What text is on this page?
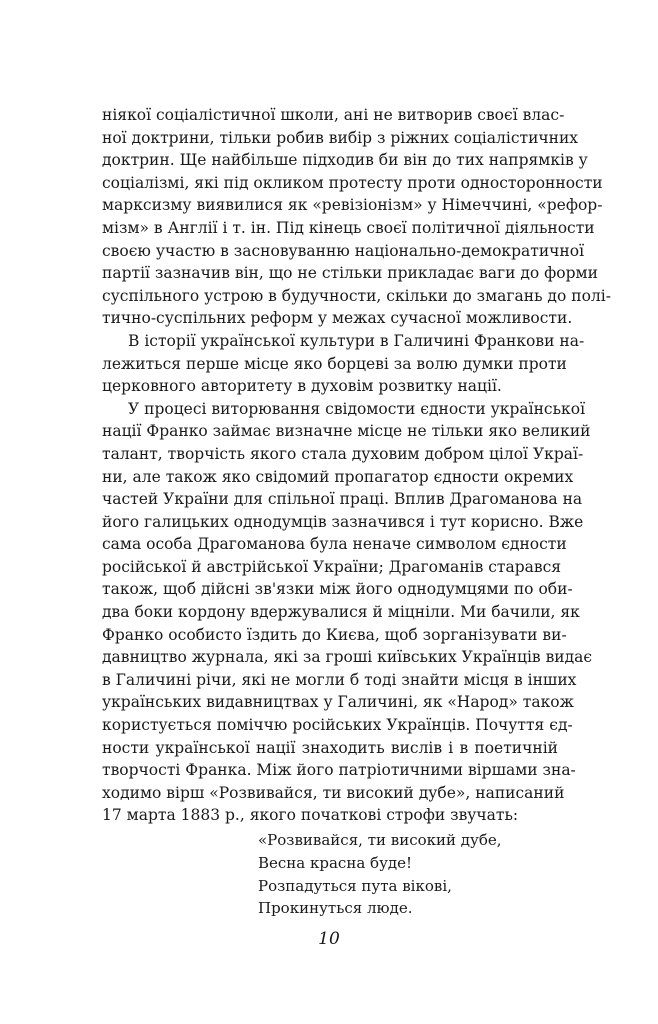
ніякої соціалістичної школи, ані не витворив своєї влас-
ної доктрини, тільки робив вибір з ріжних соціалістичних
доктрин. Ще найбільше підходив би він до тих напрямків у
соціалізмі, які під окликом протесту проти односторонности
марксизму виявилися як «ревізіонізм» у Німеччині, «рефор-
мізм» в Англії і т. ін. Під кінець своєї політичної діяльности
своєю участю в засновуванню національно-демократичної
партії зазначив він, що не стільки прикладає ваги до форми
суспільного устрою в будучности, скільки до змагань до полі-
тично-суспільних реформ у межах сучасної можливости.
В історії української культури в Галичині Франкови на-
лежиться перше місце яко борцеві за волю думки проти
церковного авторитету в духовім розвитку нації.
У процесі виторювання свідомости єдности української
нації Франко займає визначне місце не тільки яко великий
талант, творчість якого стала духовим добром цілої Украї-
ни, але також яко свідомий пропагатор єдности окремих
частей України для спільної праці. Вплив Драгоманова на
його галицьких однодумців зазначився і тут корисно. Вже
сама особа Драгоманова була неначе символом єдности
російської й австрійської України; Драгоманів старався
також, щоб дійсні зв'язки між його однодумцями по оби-
два боки кордону вдержувалися й міцніли. Ми бачили, як
Франко особисто їздить до Києва, щоб зорганізувати ви-
давництво журнала, які за гроші київських Українців видає
в Галичині річи, які не могли б тоді знайти місця в інших
українських видавництвах у Галичині, як «Народ» також
користується поміччю російських Українців. Почуття єд-
ности української нації знаходить вислів і в поетичній
творчості Франка. Між його патріотичними віршами зна-
ходимо вірш «Розвивайся, ти високий дубе», написаний
17 марта 1883 р., якого початкові строфи звучать:
«Розвивайся, ти високий дубе,
Весна красна буде!
Розпадуться пута вікові,
Прокинуться люде.
10
